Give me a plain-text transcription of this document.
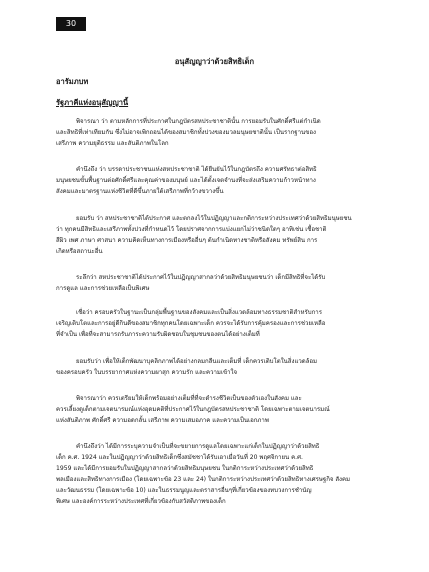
30
อนุสัญญาว่าด้วยสิทธิเด็ก
อารัมภบท
รัฐภาคีแห่งอนุสัญญานี้
พิจารณา ว่า ตามหลักการที่ประกาศในกฎบัตรสหประชาชาตินั้น การยอมรับในศักดิ์ศรีแต่กำเนิด
และสิทธิที่เท่าเทียมกัน ซึ่งไม่อาจเพิกถอนได้ของสมาชิกทั้งปวงของมวลมนุษยชาตินั้น เป็นรากฐานของ
เสรีภาพ ความยุติธรรม และสันติภาพในโลก
คำนึงถึง ว่า บรรดาประชาชนแห่งสหประชาชาติ ได้ยืนยันไว้ในกฎบัตรถึง ความศรัทธาต่อสิทธิ
มนุษยชนขั้นพื้นฐานต่อศักดิ์ศรีและคุณค่าของมนุษย์ และได้ตั้งเจตจำนงที่จะส่งเสริมความก้าวหน้าทาง
สังคมและมาตรฐานแห่งชีวิตที่ดีขึ้นภายใต้เสรีภาพที่กว้างขวางขึ้น
ยอมรับ ว่า สหประชาชาติได้ประกาศ และตกลงไว้ในปฏิญญาและกติการะหว่างประเทศว่าด้วยสิทธิมนุษยชน
ว่า ทุกคนมีสิทธิและเสรีภาพทั้งปวงที่กำหนดไว้ โดยปราศจากการแบ่งแยกไม่ว่าชนิดใดๆ อาทิเช่น เชื้อชาติ
สีผิว เพศ ภาษา ศาสนา ความคิดเห็นทางการเมืองหรืออื่นๆ ต้นกำเนิดทางชาติหรือสังคม ทรัพย์สิน การ
เกิดหรือสถานะอื่น
ระลึกว่า สหประชาชาติได้ประกาศไว้ในปฏิญญาสากลว่าด้วยสิทธิมนุษยชนว่า เด็กมีสิทธิที่จะได้รับ
การดูแล และการช่วยเหลือเป็นพิเศษ
เชื่อว่า ครอบครัวในฐานะเป็นกลุ่มพื้นฐานของสังคมและเป็นสิ่งแวดล้อมทางธรรมชาติสำหรับการ
เจริญเติบโตและการอยู่ดีกินดีของสมาชิกทุกคนโดยเฉพาะเด็ก ควรจะได้รับการคุ้มครองและการช่วยเหลือ
ที่จำเป็น เพื่อที่จะสามารถรับภาระความรับผิดชอบในชุมชนของตนได้อย่างเต็มที่
ยอมรับว่า เพื่อให้เด็กพัฒนาบุคลิกภาพได้อย่างกลมกลืนและเต็มที่ เด็กควรเติบโตในสิ่งแวดล้อม
ของครอบครัว ในบรรยากาศแห่งความผาสุก ความรัก และความเข้าใจ
พิจารณาว่า ควรเตรียมให้เด็กพร้อมอย่างเต็มที่ที่จะดำรงชีวิตเป็นของตัวเองในสังคม และ
ควรเลี้ยงดูเด็กตามเจตนารมณ์แห่งอุดมคติที่ประกาศไว้ในกฎบัตรสหประชาชาติ โดยเฉพาะตามเจตนารมณ์
แห่งสันติภาพ ศักดิ์ศรี ความอดกลั้น เสรีภาพ ความเสมอภาค และความเป็นเอกภาพ
คำนึงถึงว่า ได้มีการระบุความจำเป็นที่จะขยายการดูแลโดยเฉพาะแก่เด็กในปฏิญญาว่าด้วยสิทธิ
เด็ก ค.ศ. 1924 และในปฏิญญาว่าด้วยสิทธิเด็กซึ่งสมัชชาได้รับเอาเมื่อวันที่ 20 พฤศจิกายน ค.ศ.
1959 และได้มีการยอมรับในปฏิญญาสากลว่าด้วยสิทธิมนุษยชน ในกติการะหว่างประเทศว่าด้วยสิทธิ
พลเมืองและสิทธิทางการเมือง (โดยเฉพาะข้อ 23 และ 24) ในกติการะหว่างประเทศว่าด้วยสิทธิทางเศรษฐกิจ สังคม
และวัฒนธรรม (โดยเฉพาะข้อ 10) และในธรรมนูญและตราสารอื่นๆที่เกี่ยวข้องของทบวงการชำนัญ
พิเศษ และองค์การระหว่างประเทศที่เกี่ยวข้องกับสวัสดิภาพของเด็ก
